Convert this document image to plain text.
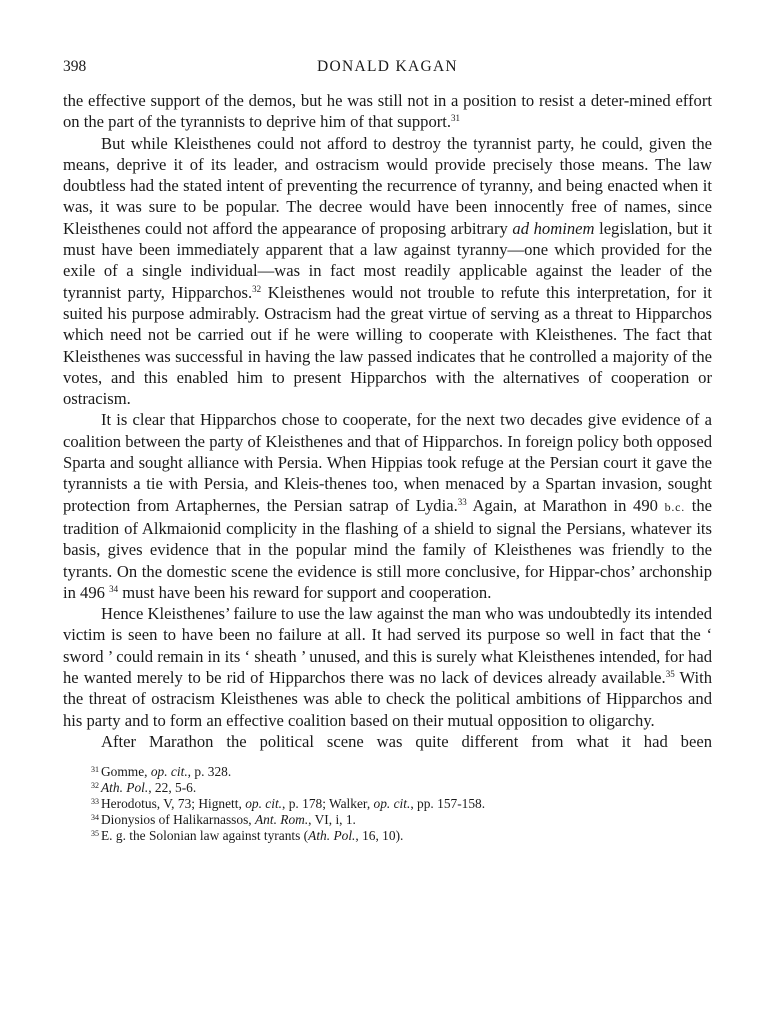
398	DONALD KAGAN

the effective support of the demos, but he was still not in a position to resist a deter-mined effort on the part of the tyrannists to deprive him of that support.$^{31}$

But while Kleisthenes could not afford to destroy the tyrannist party, he could, given the means, deprive it of its leader, and ostracism would provide precisely those means. The law doubtless had the stated intent of preventing the recurrence of tyranny, and being enacted when it was, it was sure to be popular. The decree would have been innocently free of names, since Kleisthenes could not afford the appearance of proposing arbitrary ad hominem legislation, but it must have been immediately apparent that a law against tyranny—one which provided for the exile of a single individual—was in fact most readily applicable against the leader of the tyrannist party, Hipparchos.$^{32}$ Kleisthenes would not trouble to refute this interpretation, for it suited his purpose admirably. Ostracism had the great virtue of serving as a threat to Hipparchos which need not be carried out if he were willing to cooperate with Kleisthenes. The fact that Kleisthenes was successful in having the law passed indicates that he controlled a majority of the votes, and this enabled him to present Hipparchos with the alternatives of cooperation or ostracism.

It is clear that Hipparchos chose to cooperate, for the next two decades give evidence of a coalition between the party of Kleisthenes and that of Hipparchos. In foreign policy both opposed Sparta and sought alliance with Persia. When Hippias took refuge at the Persian court it gave the tyrannists a tie with Persia, and Kleis-thenes too, when menaced by a Spartan invasion, sought protection from Artaphernes, the Persian satrap of Lydia.$^{33}$ Again, at Marathon in 490 b.c. the tradition of Alkmaionid complicity in the flashing of a shield to signal the Persians, whatever its basis, gives evidence that in the popular mind the family of Kleisthenes was friendly to the tyrants. On the domestic scene the evidence is still more conclusive, for Hippar-chos’ archonship in 496 $^{34}$ must have been his reward for support and cooperation.

Hence Kleisthenes’ failure to use the law against the man who was undoubtedly its intended victim is seen to have been no failure at all. It had served its purpose so well in fact that the ‘ sword ’ could remain in its ‘ sheath ’ unused, and this is surely what Kleisthenes intended, for had he wanted merely to be rid of Hipparchos there was no lack of devices already available.$^{35}$ With the threat of ostracism Kleisthenes was able to check the political ambitions of Hipparchos and his party and to form an effective coalition based on their mutual opposition to oligarchy.

After Marathon the political scene was quite different from what it had been

$^{31}$ Gomme, op. cit., p. 328.
$^{32}$ Ath. Pol., 22, 5-6.
$^{33}$ Herodotus, V, 73; Hignett, op. cit., p. 178; Walker, op. cit., pp. 157-158.
$^{34}$ Dionysios of Halikarnassos, Ant. Rom., VI, i, 1.
$^{35}$ E. g. the Solonian law against tyrants (Ath. Pol., 16, 10).
